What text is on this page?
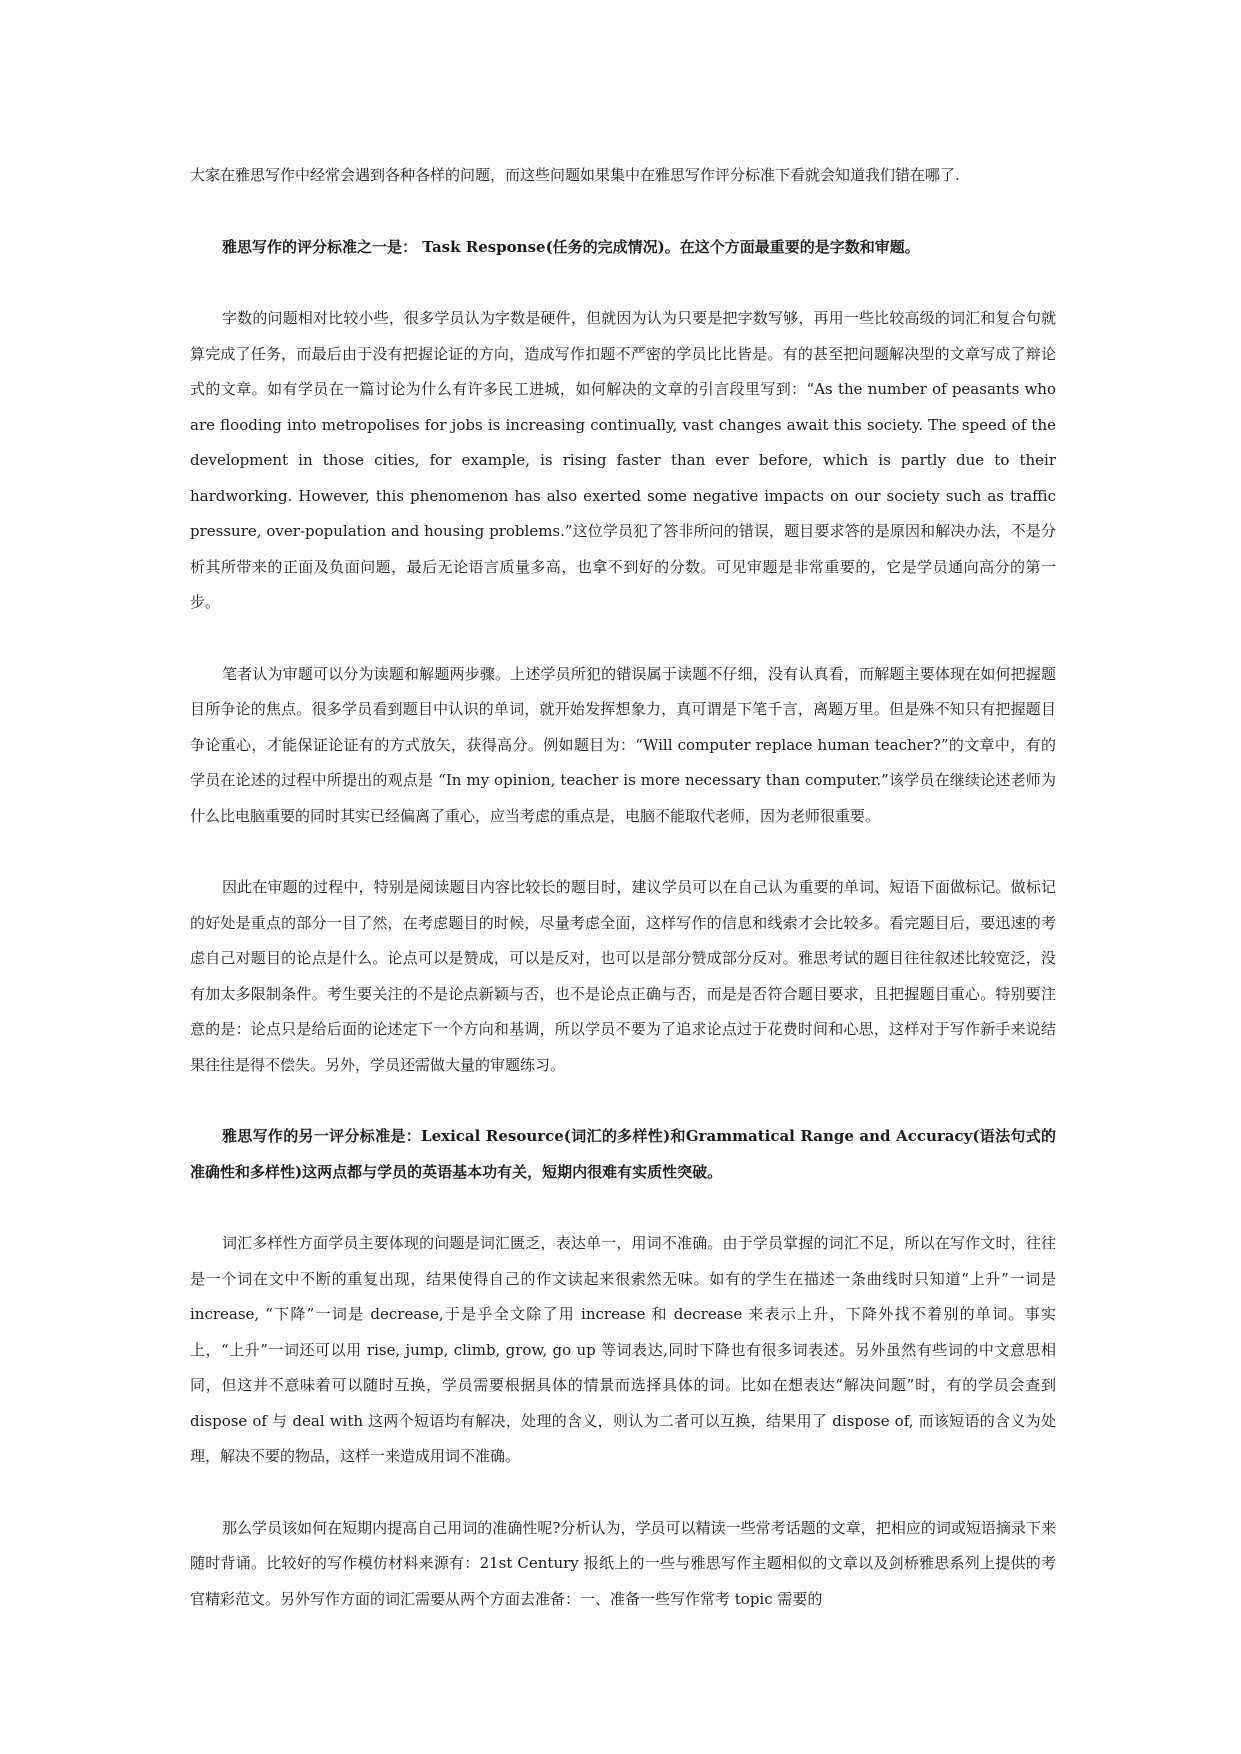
大家在雅思写作中经常会遇到各种各样的问题，而这些问题如果集中在雅思写作评分标准下看就会知道我们错在哪了.

雅思写作的评分标准之一是： Task Response(任务的完成情况)。在这个方面最重要的是字数和审题。

字数的问题相对比较小些，很多学员认为字数是硬件，但就因为认为只要是把字数写够，再用一些比较高级的词汇和复合句就算完成了任务，而最后由于没有把握论证的方向，造成写作扣题不严密的学员比比皆是。有的甚至把问题解决型的文章写成了辩论式的文章。如有学员在一篇讨论为什么有许多民工进城，如何解决的文章的引言段里写到：“As the number of peasants who are flooding into metropolises for jobs is increasing continually, vast changes await this society. The speed of the development in those cities, for example, is rising faster than ever before, which is partly due to their hardworking. However, this phenomenon has also exerted some negative impacts on our society such as traffic pressure, over-population and housing problems.”这位学员犯了答非所问的错误，题目要求答的是原因和解决办法，不是分析其所带来的正面及负面问题，最后无论语言质量多高，也拿不到好的分数。可见审题是非常重要的，它是学员通向高分的第一步。

笔者认为审题可以分为读题和解题两步骤。上述学员所犯的错误属于读题不仔细，没有认真看，而解题主要体现在如何把握题目所争论的焦点。很多学员看到题目中认识的单词，就开始发挥想象力，真可谓是下笔千言，离题万里。但是殊不知只有把握题目争论重心，才能保证论证有的方式放矢，获得高分。例如题目为：“Will computer replace human teacher?”的文章中，有的学员在论述的过程中所提出的观点是 “In my opinion, teacher is more necessary than computer.”该学员在继续论述老师为什么比电脑重要的同时其实已经偏离了重心，应当考虑的重点是，电脑不能取代老师，因为老师很重要。

因此在审题的过程中，特别是阅读题目内容比较长的题目时，建议学员可以在自己认为重要的单词、短语下面做标记。做标记的好处是重点的部分一目了然，在考虑题目的时候，尽量考虑全面，这样写作的信息和线索才会比较多。看完题目后，要迅速的考虑自己对题目的论点是什么。论点可以是赞成，可以是反对，也可以是部分赞成部分反对。雅思考试的题目往往叙述比较宽泛，没有加太多限制条件。考生要关注的不是论点新颖与否，也不是论点正确与否，而是是否符合题目要求，且把握题目重心。特别要注意的是：论点只是给后面的论述定下一个方向和基调，所以学员不要为了追求论点过于花费时间和心思，这样对于写作新手来说结果往往是得不偿失。另外，学员还需做大量的审题练习。

雅思写作的另一评分标准是：Lexical Resource(词汇的多样性)和Grammatical Range and Accuracy(语法句式的准确性和多样性)这两点都与学员的英语基本功有关，短期内很难有实质性突破。

词汇多样性方面学员主要体现的问题是词汇匮乏，表达单一，用词不准确。由于学员掌握的词汇不足，所以在写作文时，往往是一个词在文中不断的重复出现，结果使得自己的作文读起来很索然无味。如有的学生在描述一条曲线时只知道“上升”一词是 increase, “下降”一词是 decrease,于是乎全文除了用 increase 和 decrease 来表示上升，下降外找不着别的单词。事实上，“上升”一词还可以用 rise, jump, climb, grow, go up 等词表达,同时下降也有很多词表述。另外虽然有些词的中文意思相同，但这并不意味着可以随时互换，学员需要根据具体的情景而选择具体的词。比如在想表达“解决问题”时，有的学员会查到 dispose of 与 deal with 这两个短语均有解决，处理的含义，则认为二者可以互换，结果用了 dispose of, 而该短语的含义为处理，解决不要的物品，这样一来造成用词不准确。

那么学员该如何在短期内提高自己用词的准确性呢?分析认为，学员可以精读一些常考话题的文章，把相应的词或短语摘录下来随时背诵。比较好的写作模仿材料来源有：21st Century 报纸上的一些与雅思写作主题相似的文章以及剑桥雅思系列上提供的考官精彩范文。另外写作方面的词汇需要从两个方面去准备：一、准备一些写作常考 topic 需要的
